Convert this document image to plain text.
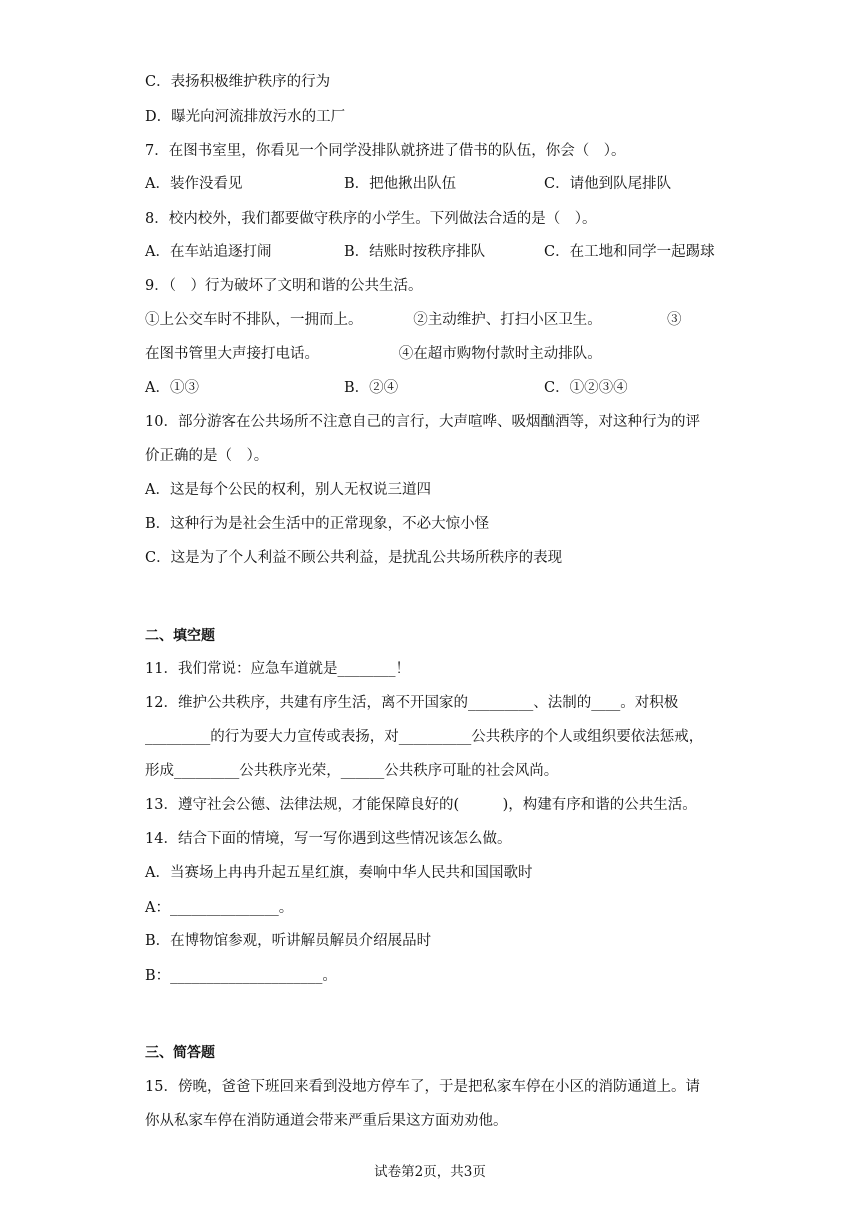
C．表扬积极维护秩序的行为
D．曝光向河流排放污水的工厂
7．在图书室里，你看见一个同学没排队就挤进了借书的队伍，你会（　）。
A．装作没看见	B．把他揪出队伍	C．请他到队尾排队
8．校内校外，我们都要做守秩序的小学生。下列做法合适的是（　）。
A．在车站追逐打闹	B．结账时按秩序排队	C．在工地和同学一起踢球
9．（　）行为破坏了文明和谐的公共生活。
①上公交车时不排队，一拥而上。　　　　②主动维护、打扫小区卫生。　　　　　③
在图书管里大声接打电话。　　　　　　④在超市购物付款时主动排队。
A．①③	B．②④	C．①②③④
10．部分游客在公共场所不注意自己的言行，大声喧哗、吸烟酗酒等，对这种行为的评
价正确的是（　）。
A．这是每个公民的权利，别人无权说三道四
B．这种行为是社会生活中的正常现象，不必大惊小怪
C．这是为了个人利益不顾公共利益，是扰乱公共场所秩序的表现
二、填空题
11．我们常说：应急车道就是________！
12．维护公共秩序，共建有序生活，离不开国家的_________、法制的____。对积极
_________的行为要大力宣传或表扬，对__________公共秩序的个人或组织要依法惩戒，
形成_________公共秩序光荣，______公共秩序可耻的社会风尚。
13．遵守社会公德、法律法规，才能保障良好的(　　　)，构建有序和谐的公共生活。
14．结合下面的情境，写一写你遇到这些情况该怎么做。
A．当赛场上冉冉升起五星红旗，奏响中华人民共和国国歌时
A：_______________。
B．在博物馆参观，听讲解员解员介绍展品时
B：_____________________。
三、简答题
15．傍晚，爸爸下班回来看到没地方停车了，于是把私家车停在小区的消防通道上。请
你从私家车停在消防通道会带来严重后果这方面劝劝他。
试卷第2页，共3页
